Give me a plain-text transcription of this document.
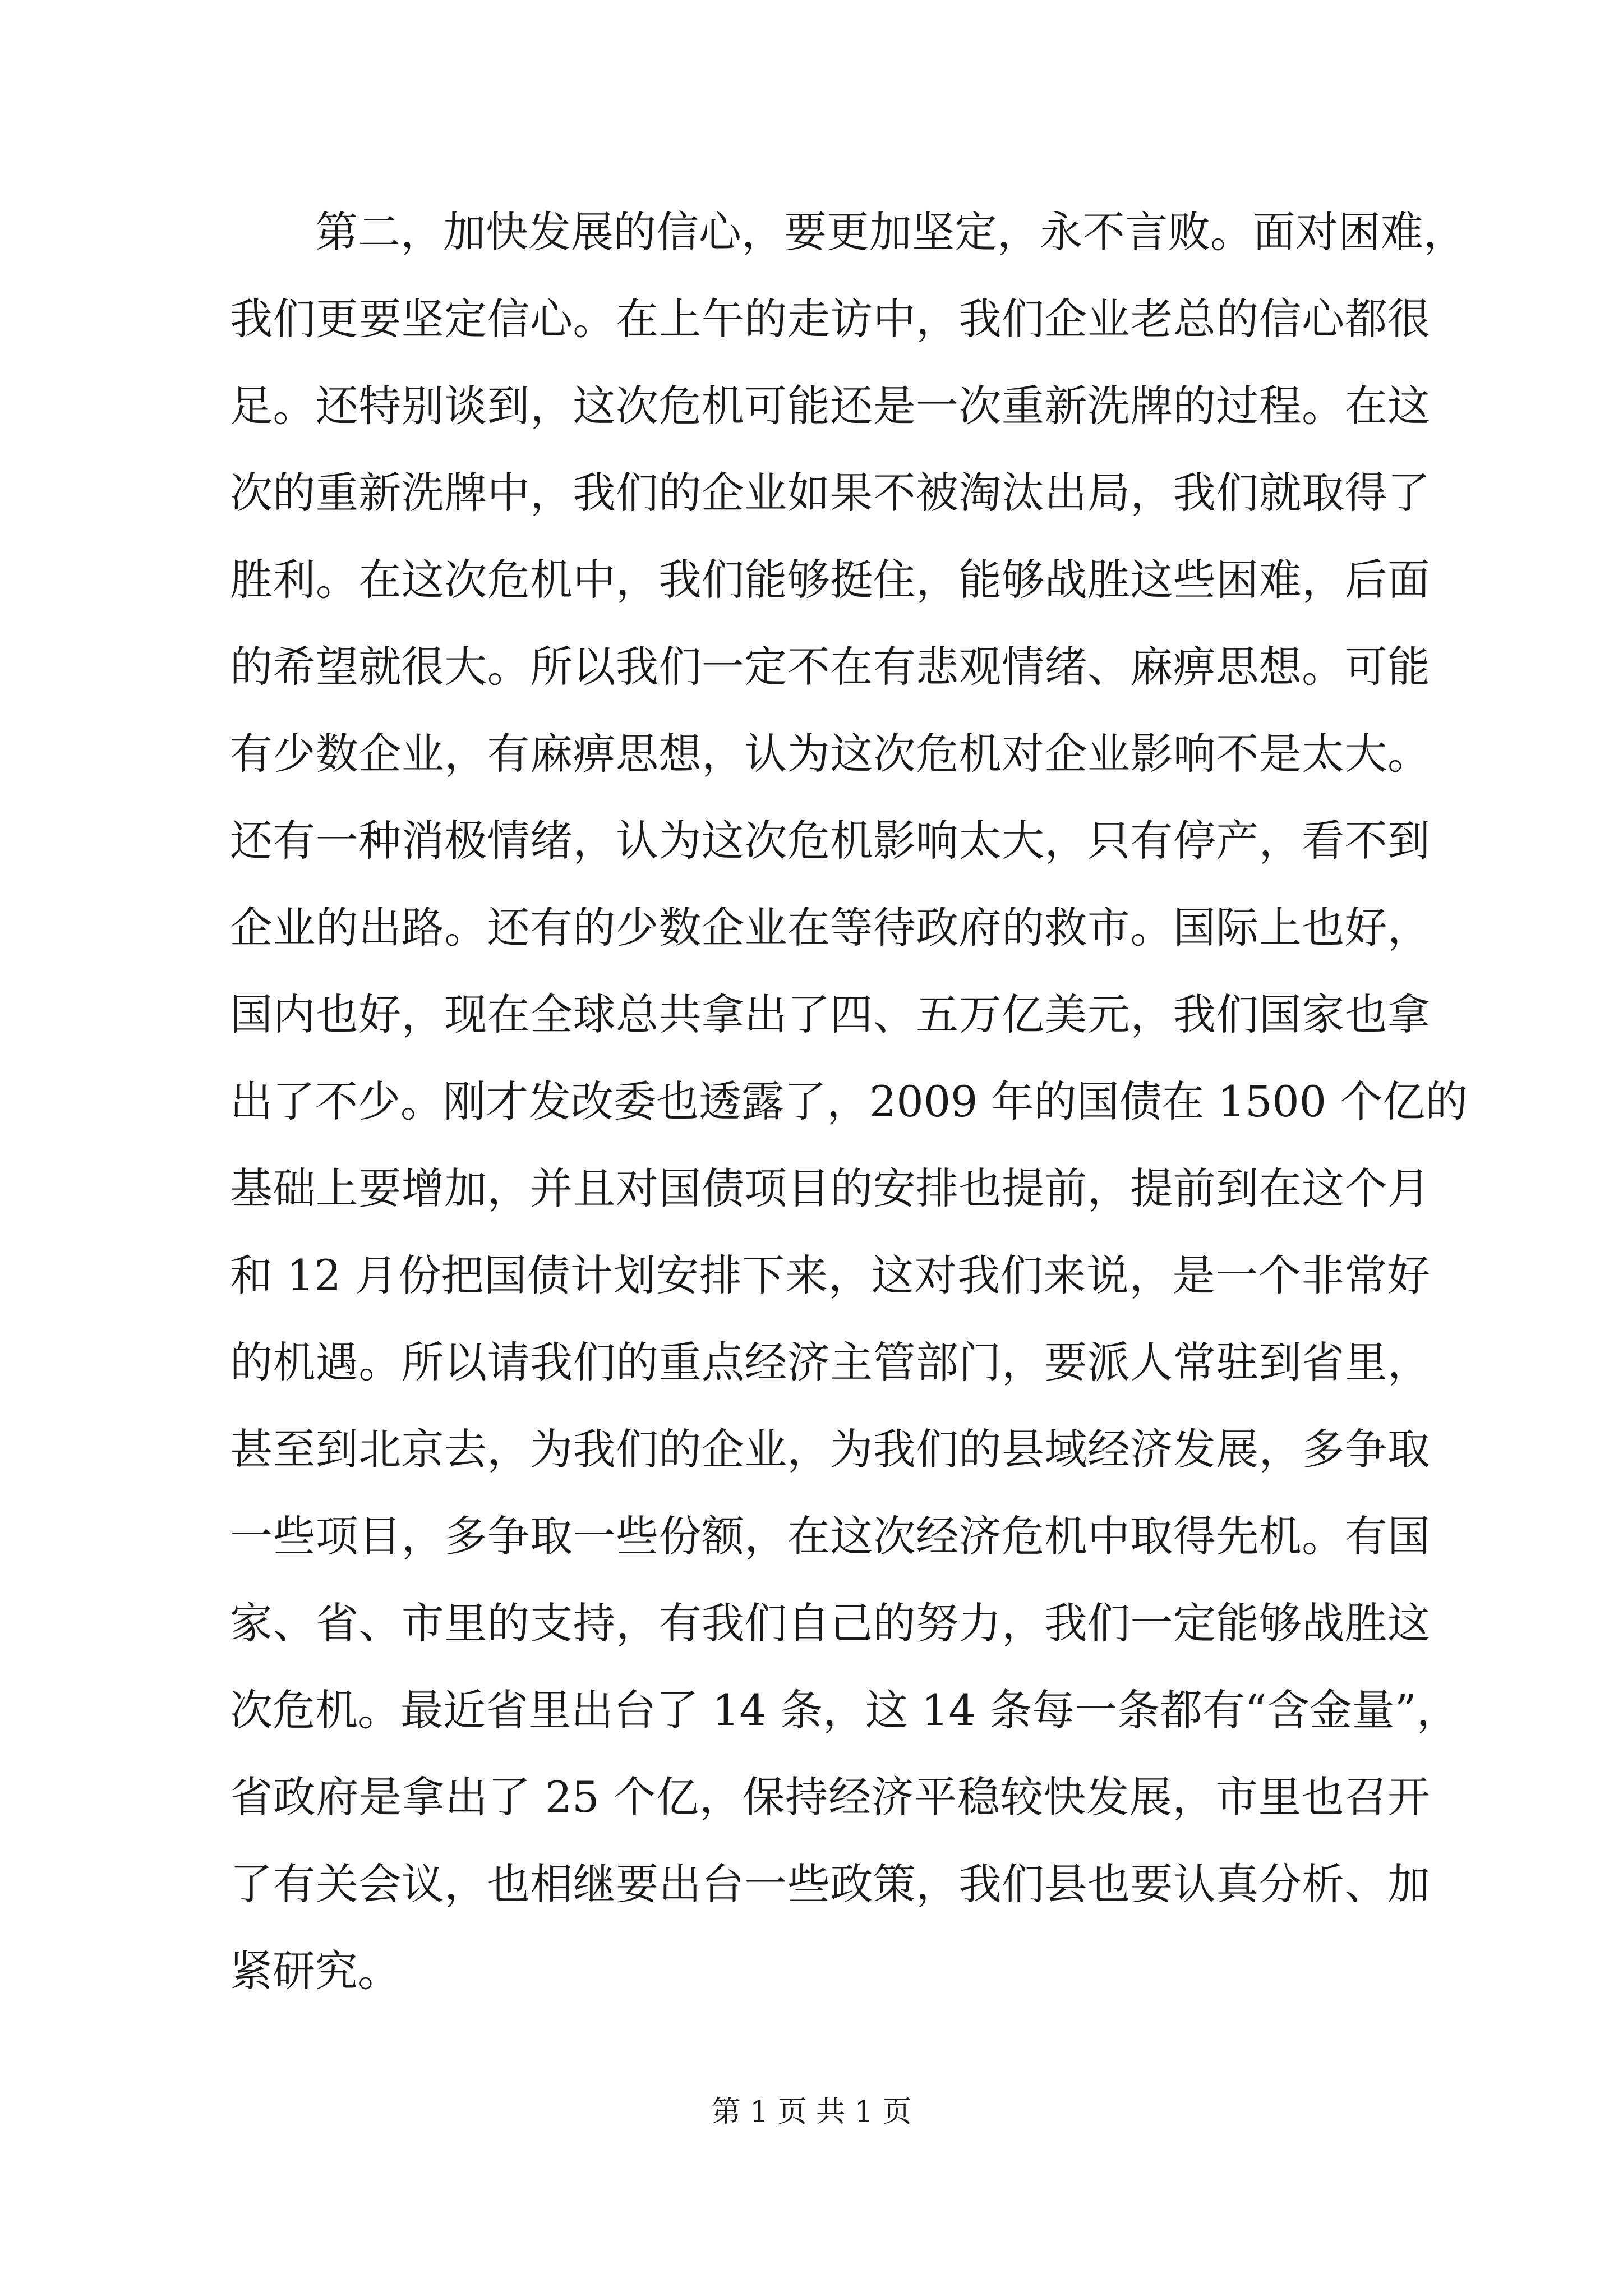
第二，加快发展的信心，要更加坚定，永不言败。面对困难，
我们更要坚定信心。在上午的走访中，我们企业老总的信心都很
足。还特别谈到，这次危机可能还是一次重新洗牌的过程。在这
次的重新洗牌中，我们的企业如果不被淘汰出局，我们就取得了
胜利。在这次危机中，我们能够挺住，能够战胜这些困难，后面
的希望就很大。所以我们一定不在有悲观情绪、麻痹思想。可能
有少数企业，有麻痹思想，认为这次危机对企业影响不是太大。
还有一种消极情绪，认为这次危机影响太大，只有停产，看不到
企业的出路。还有的少数企业在等待政府的救市。国际上也好，
国内也好，现在全球总共拿出了四、五万亿美元，我们国家也拿
出了不少。刚才发改委也透露了，2009 年的国债在 1500 个亿的
基础上要增加，并且对国债项目的安排也提前，提前到在这个月
和 12 月份把国债计划安排下来，这对我们来说，是一个非常好
的机遇。所以请我们的重点经济主管部门，要派人常驻到省里，
甚至到北京去，为我们的企业，为我们的县域经济发展，多争取
一些项目，多争取一些份额，在这次经济危机中取得先机。有国
家、省、市里的支持，有我们自己的努力，我们一定能够战胜这
次危机。最近省里出台了 14 条，这 14 条每一条都有“含金量”，
省政府是拿出了 25 个亿，保持经济平稳较快发展，市里也召开
了有关会议，也相继要出台一些政策，我们县也要认真分析、加
紧研究。
第 1 页 共 1 页
